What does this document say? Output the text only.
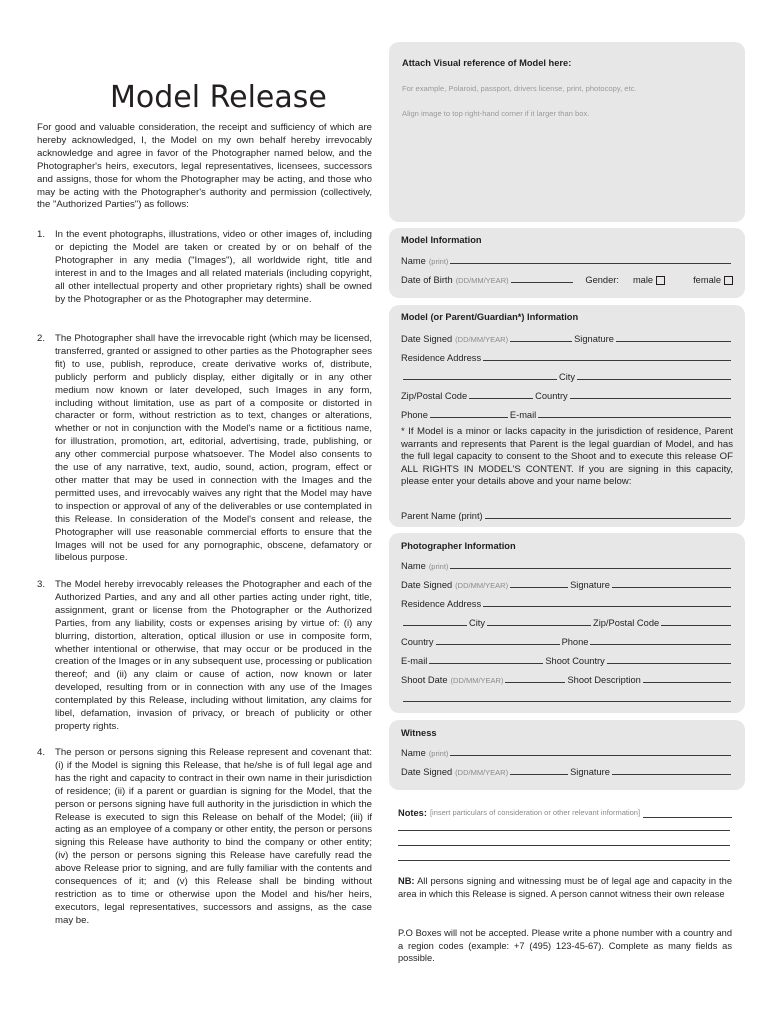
Model Release
For good and valuable consideration, the receipt and sufficiency of which are hereby acknowledged, I, the Model on my own behalf hereby irrevocably acknowledge and agree in favor of the Photographer named below, and the Photographer's heirs, executors, legal representatives, licensees, successors and assigns, those for whom the Photographer may be acting, and those who may be acting with the Photographer's authority and permission (collectively, the "Authorized Parties") as follows:
1. In the event photographs, illustrations, video or other images of, including or depicting the Model are taken or created by or on behalf of the Photographer in any media ("Images"), all worldwide right, title and interest in and to the Images and all related materials (including copyright, all other intellectual property and other proprietary rights) shall be owned by the Photographer or as the Photographer may determine.
2. The Photographer shall have the irrevocable right (which may be licensed, transferred, granted or assigned to other parties as the Photographer sees fit) to use, publish, reproduce, create derivative works of, distribute, publicly perform and publicly display, either digitally or in any other medium now known or later developed, such Images in any form, including without limitation, use as part of a composite or distorted in character or form, without restriction as to text, changes or alterations, whether or not in conjunction with the Model's name or a fictitious name, for illustration, promotion, art, editorial, advertising, trade, publishing, or any other commercial purpose whatsoever. The Model also consents to the use of any narrative, text, audio, sound, action, program, effect or other matter that may be used in connection with the Images and the permitted uses, and irrevocably waives any right that the Model may have to inspection or approval of any of the deliverables or use contemplated in this Release. In consideration of the Model's consent and release, the Photographer will use reasonable commercial efforts to ensure that the Images will not be used for any pornographic, obscene, defamatory or libelous purpose.
3. The Model hereby irrevocably releases the Photographer and each of the Authorized Parties, and any and all other parties acting under right, title, assignment, grant or license from the Photographer or the Authorized Parties, from any liability, costs or expenses arising by virtue of: (i) any blurring, distortion, alteration, optical illusion or use in composite form, whether intentional or otherwise, that may occur or be produced in the creation of the Images or in any subsequent use, processing or publication thereof; and (ii) any claim or cause of action, now known or later developed, resulting from or in connection with any use of the Images contemplated by this Release, including without limitation, any claims for libel, defamation, invasion of privacy, or breach of publicity or other property rights.
4. The person or persons signing this Release represent and covenant that: (i) if the Model is signing this Release, that he/she is of full legal age and has the right and capacity to contract in their own name in their jurisdiction of residence; (ii) if a parent or guardian is signing for the Model, that the person or persons signing have full authority in the jurisdiction in which the Release is executed to sign this Release on behalf of the Model; (iii) if acting as an employee of a company or other entity, the person or persons signing this Release have authority to bind the company or other entity; (iv) the person or persons signing this Release have carefully read the above Release prior to signing, and are fully familiar with the contents and consequences of it; and (v) this Release shall be binding without restriction as to time or otherwise upon the Model and his/her heirs, executors, legal representatives, successors and assigns, as the case may be.
Attach Visual reference of Model here:
For example, Polaroid, passport, drivers license, print, photocopy, etc.
Align image to top right-hand corner if it larger than box.
Model Information
Name (print)
Date of Birth (DD/MM/YEAR)	Gender: male	female
Model (or Parent/Guardian*) Information
Date Signed (DD/MM/YEAR)	Signature
Residence Address
City
Zip/Postal Code	Country
Phone	E-mail
* If Model is a minor or lacks capacity in the jurisdiction of residence, Parent warrants and represents that Parent is the legal guardian of Model, and has the full legal capacity to consent to the Shoot and to execute this release OF ALL RIGHTS IN MODEL'S CONTENT. If you are signing in this capacity, please enter your details above and your name below:
Parent Name (print)
Photographer Information
Name (print)
Date Signed (DD/MM/YEAR)	Signature
Residence Address
City	Zip/Postal Code
Country	Phone
E-mail	Shoot Country
Shoot Date (DD/MM/YEAR)	Shoot Description
Witness
Name (print)
Date Signed (DD/MM/YEAR)	Signature
Notes: [insert particulars of consideration or other relevant information]
NB: All persons signing and witnessing must be of legal age and capacity in the area in which this Release is signed. A person cannot witness their own release
P.O Boxes will not be accepted. Please write a phone number with a country and a region codes (example: +7 (495) 123-45-67). Complete as many fields as possible.
